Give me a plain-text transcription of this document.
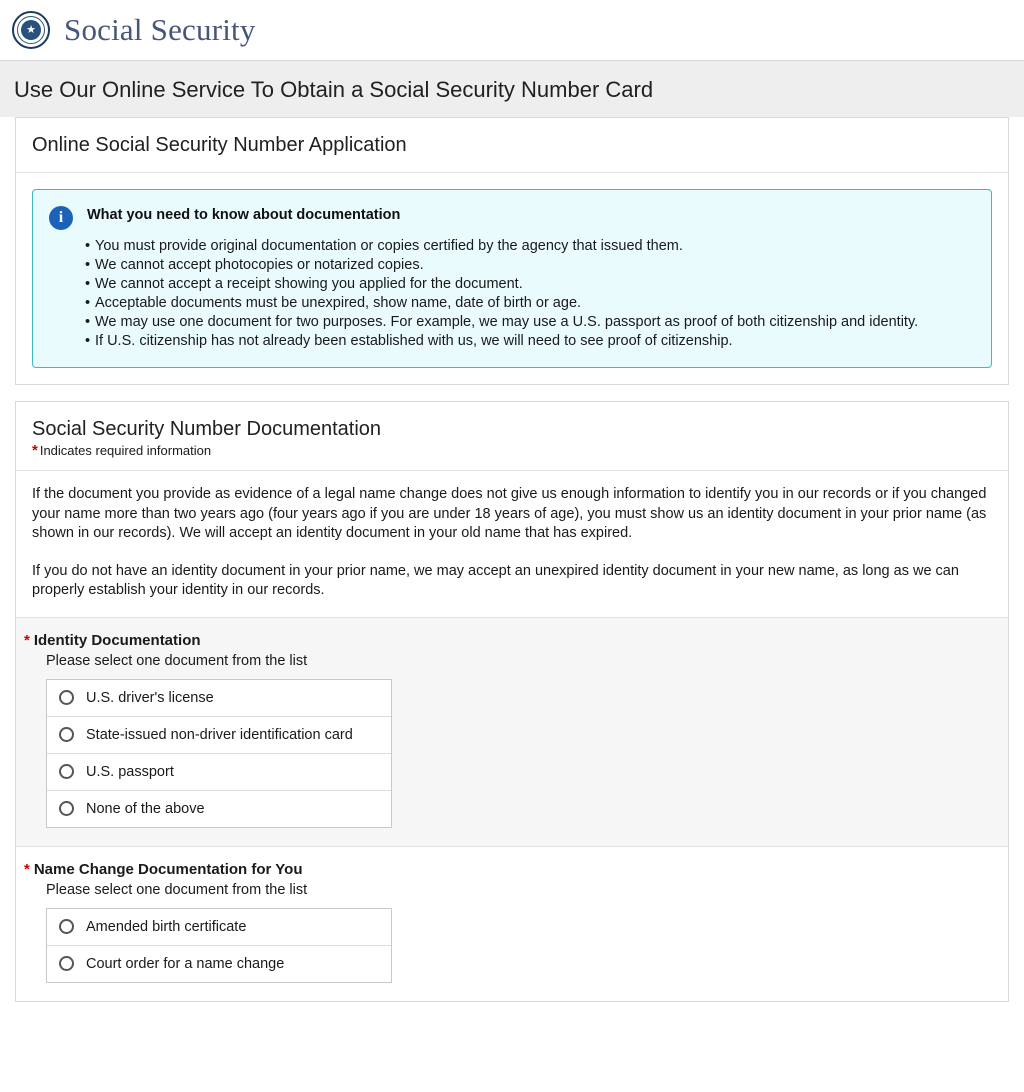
★ Social Security
Use Our Online Service To Obtain a Social Security Number Card
Online Social Security Number Application
i	What you need to know about documentation
• You must provide original documentation or copies certified by the agency that issued them.
• We cannot accept photocopies or notarized copies.
• We cannot accept a receipt showing you applied for the document.
• Acceptable documents must be unexpired, show name, date of birth or age.
• We may use one document for two purposes. For example, we may use a U.S. passport as proof of both citizenship and identity.
• If U.S. citizenship has not already been established with us, we will need to see proof of citizenship.
Social Security Number Documentation
* Indicates required information

If the document you provide as evidence of a legal name change does not give us enough information to identify you in our records or if you changed your name more than two years ago (four years ago if you are under 18 years of age), you must show us an identity document in your prior name (as shown in our records). We will accept an identity document in your old name that has expired.

If you do not have an identity document in your prior name, we may accept an unexpired identity document in your new name, as long as we can properly establish your identity in our records.

* Identity Documentation
Please select one document from the list
U.S. driver's license
State-issued non-driver identification card
U.S. passport
None of the above
* Name Change Documentation for You
Please select one document from the list
Amended birth certificate
Court order for a name change
